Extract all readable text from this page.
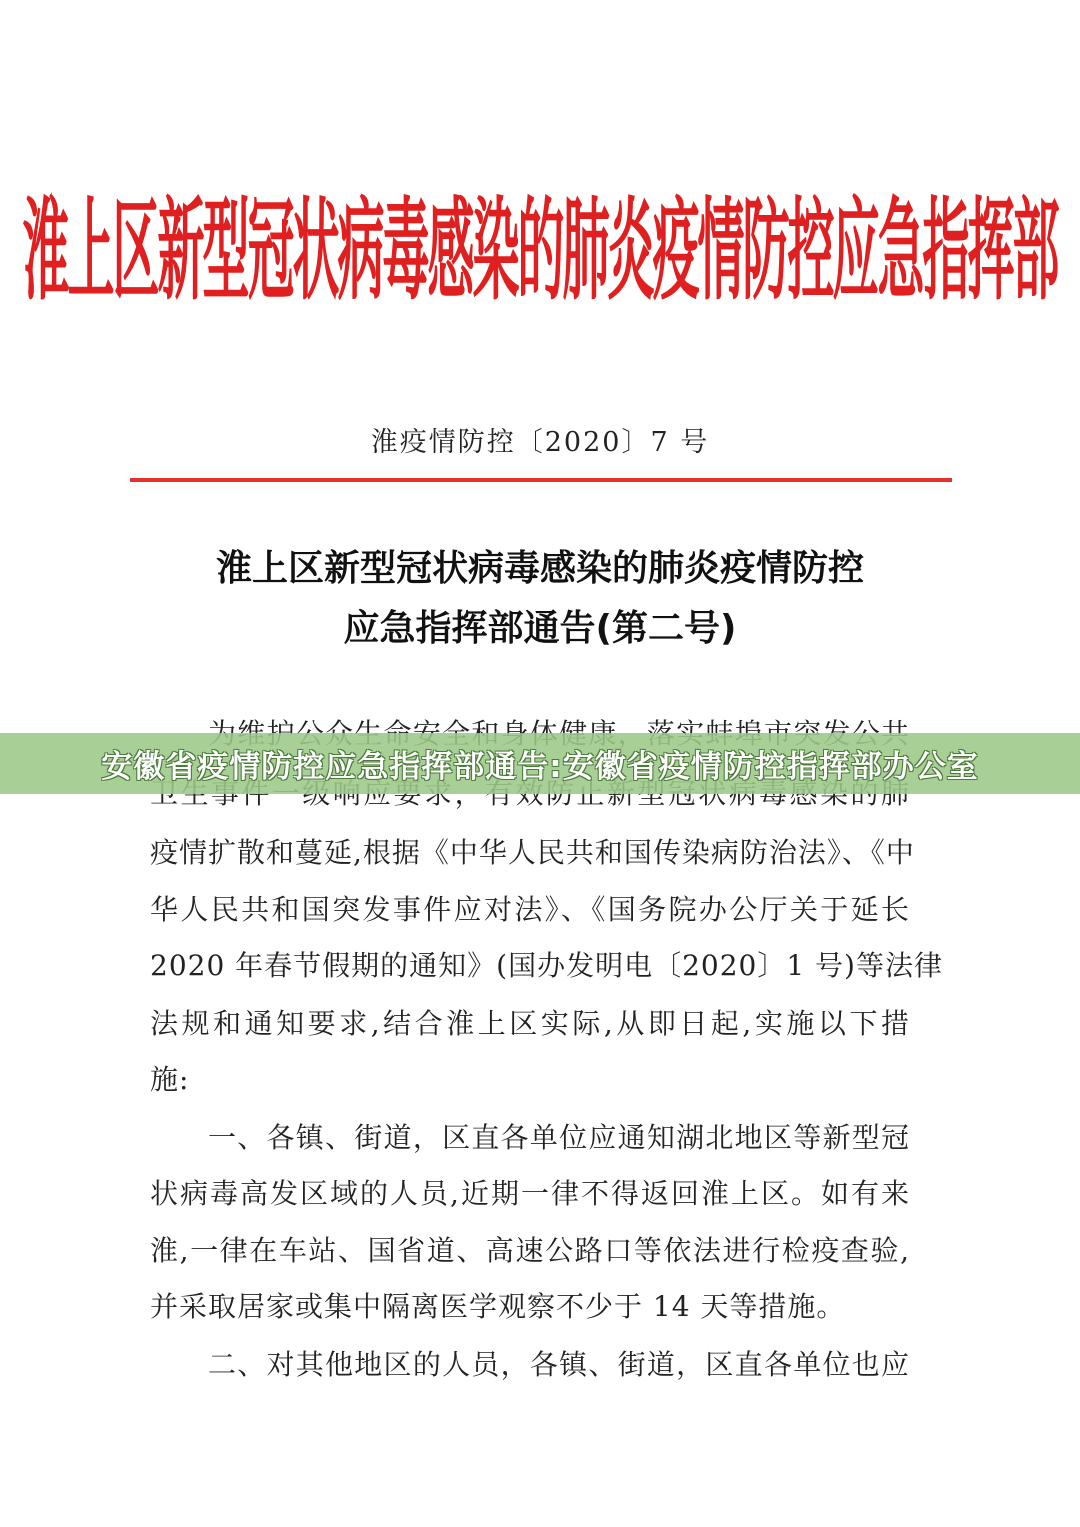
淮上区新型冠状病毒感染的肺炎疫情防控应急指挥部
淮疫情防控〔2020〕7 号
淮上区新型冠状病毒感染的肺炎疫情防控
应急指挥部通告(第二号)
疫情扩散和蔓延,根据《中华人民共和国传染病防治法》、《中
华人民共和国突发事件应对法》、《国务院办公厅关于延长
2020 年春节假期的通知》(国办发明电〔2020〕1 号)等法律
法规和通知要求,结合淮上区实际,从即日起,实施以下措
施:
一、各镇、街道，区直各单位应通知湖北地区等新型冠
状病毒高发区域的人员,近期一律不得返回淮上区。如有来
淮,一律在车站、国省道、高速公路口等依法进行检疫查验,
并采取居家或集中隔离医学观察不少于 14 天等措施。
二、对其他地区的人员，各镇、街道，区直各单位也应
安徽省疫情防控应急指挥部通告:安徽省疫情防控指挥部办公室
